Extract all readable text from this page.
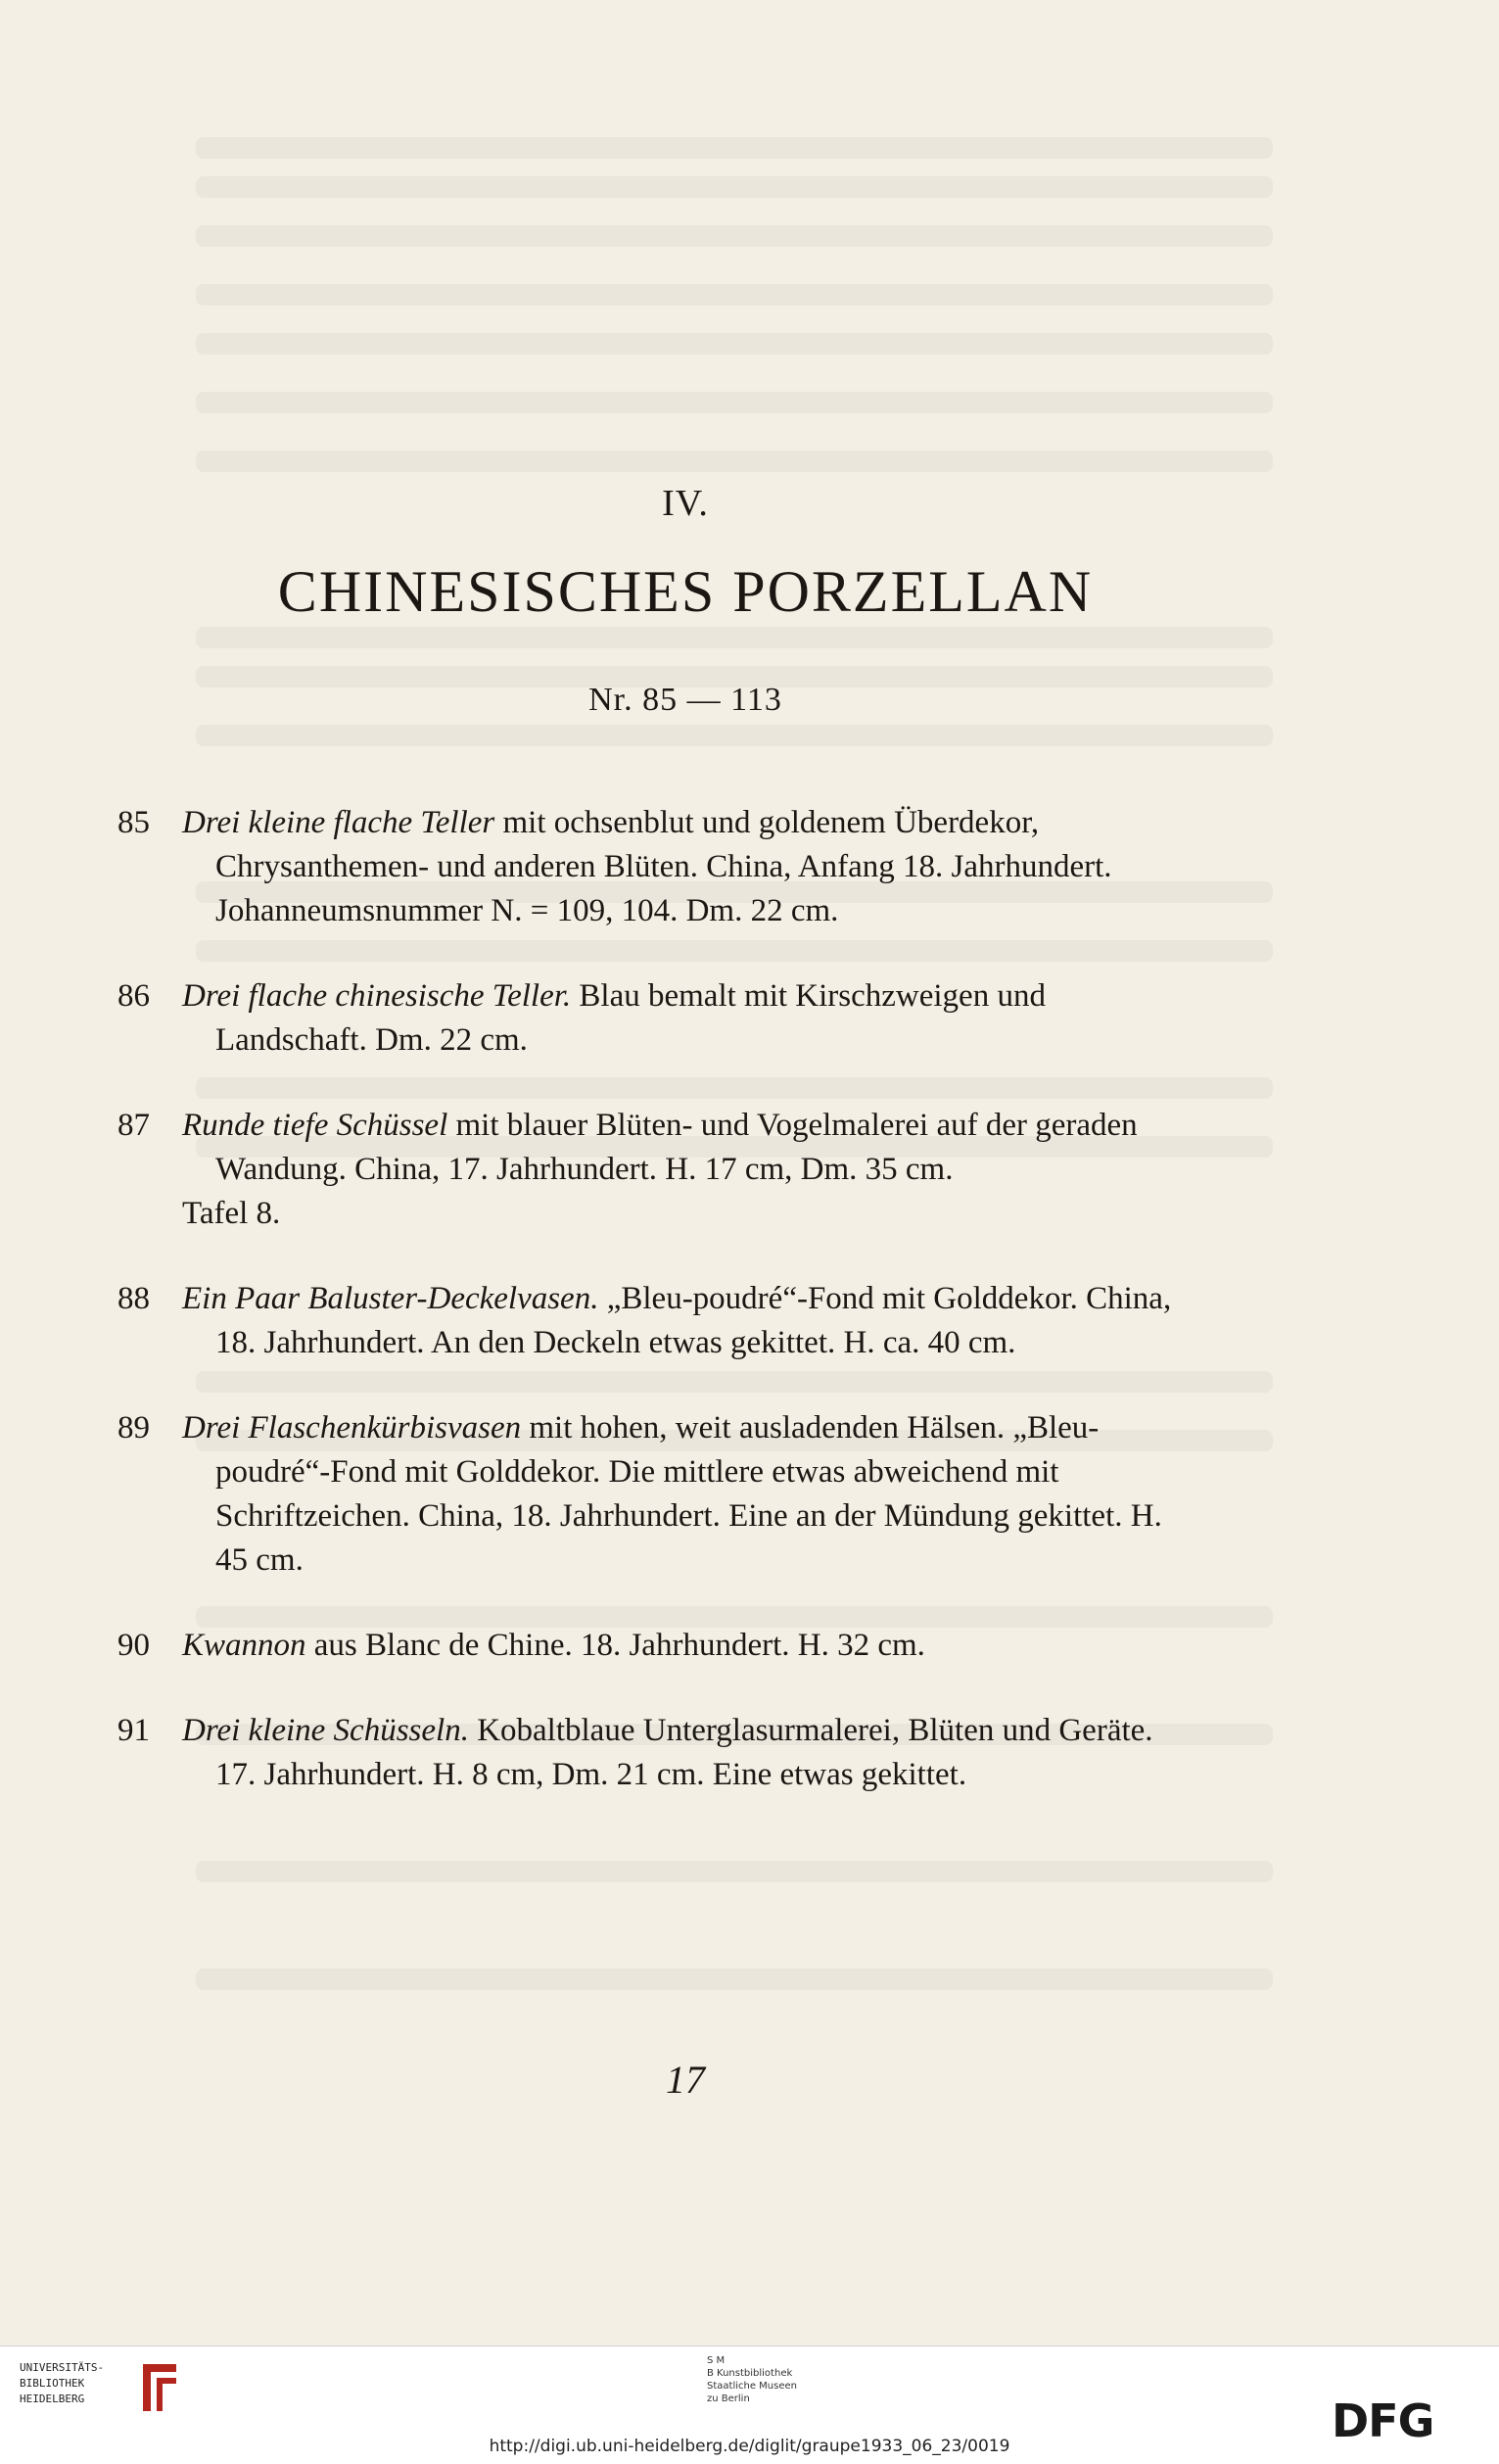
IV.
CHINESISCHES PORZELLAN
Nr. 85 — 113
85	Drei kleine flache Teller mit ochsenblut und goldenem Überdekor, Chrysanthemen- und anderen Blüten. China, Anfang 18. Jahrhundert. Johanneumsnummer N. = 109, 104. Dm. 22 cm.
86	Drei flache chinesische Teller. Blau bemalt mit Kirschzweigen und Landschaft. Dm. 22 cm.
87	Runde tiefe Schüssel mit blauer Blüten- und Vogelmalerei auf der geraden Wandung. China, 17. Jahrhundert. H. 17 cm, Dm. 35 cm.
Tafel 8.
88	Ein Paar Baluster-Deckelvasen. „Bleu-poudré“-Fond mit Golddekor. China, 18. Jahrhundert. An den Deckeln etwas gekittet. H. ca. 40 cm.
89	Drei Flaschenkürbisvasen mit hohen, weit ausladenden Hälsen. „Bleu-poudré“-Fond mit Golddekor. Die mittlere etwas abweichend mit Schriftzeichen. China, 18. Jahrhundert. Eine an der Mündung gekittet. H. 45 cm.
90	Kwannon aus Blanc de Chine. 18. Jahrhundert. H. 32 cm.
91	Drei kleine Schüsseln. Kobaltblaue Unterglasurmalerei, Blüten und Geräte. 17. Jahrhundert. H. 8 cm, Dm. 21 cm. Eine etwas gekittet.
17
UNIVERSITÄTS-
BIBLIOTHEK
HEIDELBERG
S M
B Kunstbibliothek
Staatliche Museen
zu Berlin	DFG
http://digi.ub.uni-heidelberg.de/diglit/graupe1933_06_23/0019
